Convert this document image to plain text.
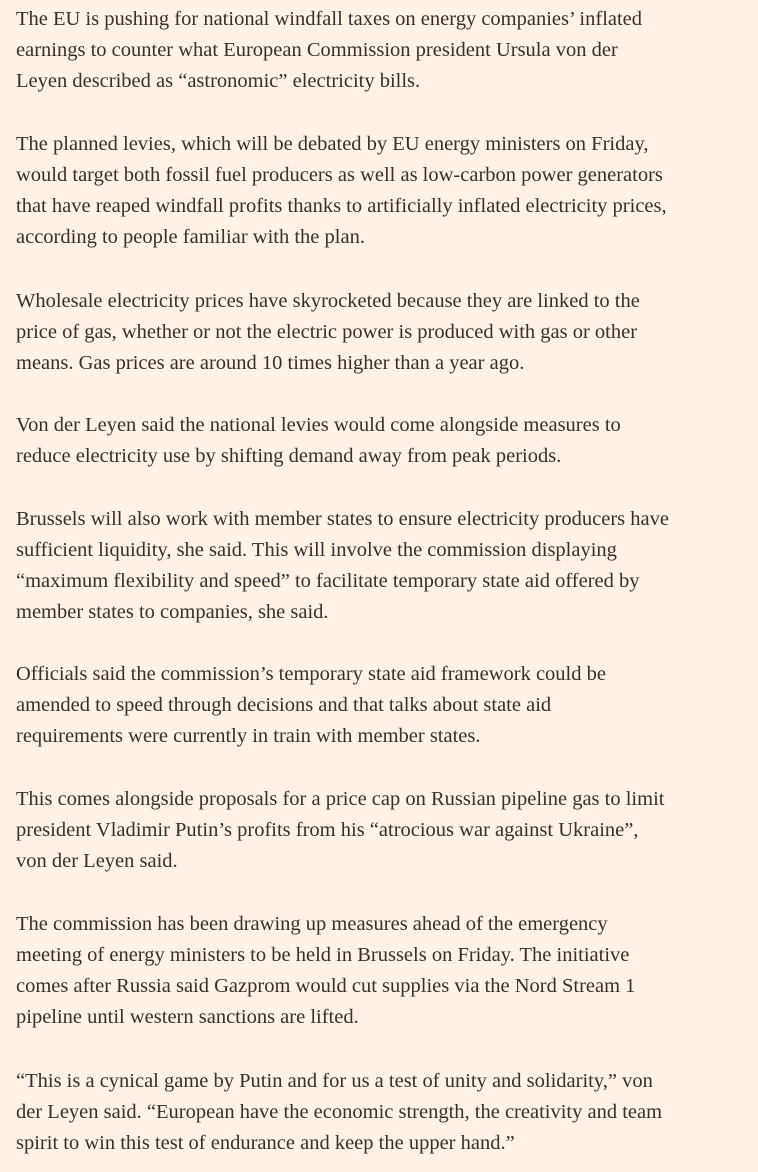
The EU is pushing for national windfall taxes on energy companies’ inflated
earnings to counter what European Commission president Ursula von der
Leyen described as “astronomic” electricity bills.

The planned levies, which will be debated by EU energy ministers on Friday,
would target both fossil fuel producers as well as low-carbon power generators
that have reaped windfall profits thanks to artificially inflated electricity prices,
according to people familiar with the plan.

Wholesale electricity prices have skyrocketed because they are linked to the
price of gas, whether or not the electric power is produced with gas or other
means. Gas prices are around 10 times higher than a year ago.

Von der Leyen said the national levies would come alongside measures to
reduce electricity use by shifting demand away from peak periods.

Brussels will also work with member states to ensure electricity producers have
sufficient liquidity, she said. This will involve the commission displaying
“maximum flexibility and speed” to facilitate temporary state aid offered by
member states to companies, she said.

Officials said the commission’s temporary state aid framework could be
amended to speed through decisions and that talks about state aid
requirements were currently in train with member states.

This comes alongside proposals for a price cap on Russian pipeline gas to limit
president Vladimir Putin’s profits from his “atrocious war against Ukraine”,
von der Leyen said.

The commission has been drawing up measures ahead of the emergency
meeting of energy ministers to be held in Brussels on Friday. The initiative
comes after Russia said Gazprom would cut supplies via the Nord Stream 1
pipeline until western sanctions are lifted.

“This is a cynical game by Putin and for us a test of unity and solidarity,” von
der Leyen said. “European have the economic strength, the creativity and team
spirit to win this test of endurance and keep the upper hand.”
